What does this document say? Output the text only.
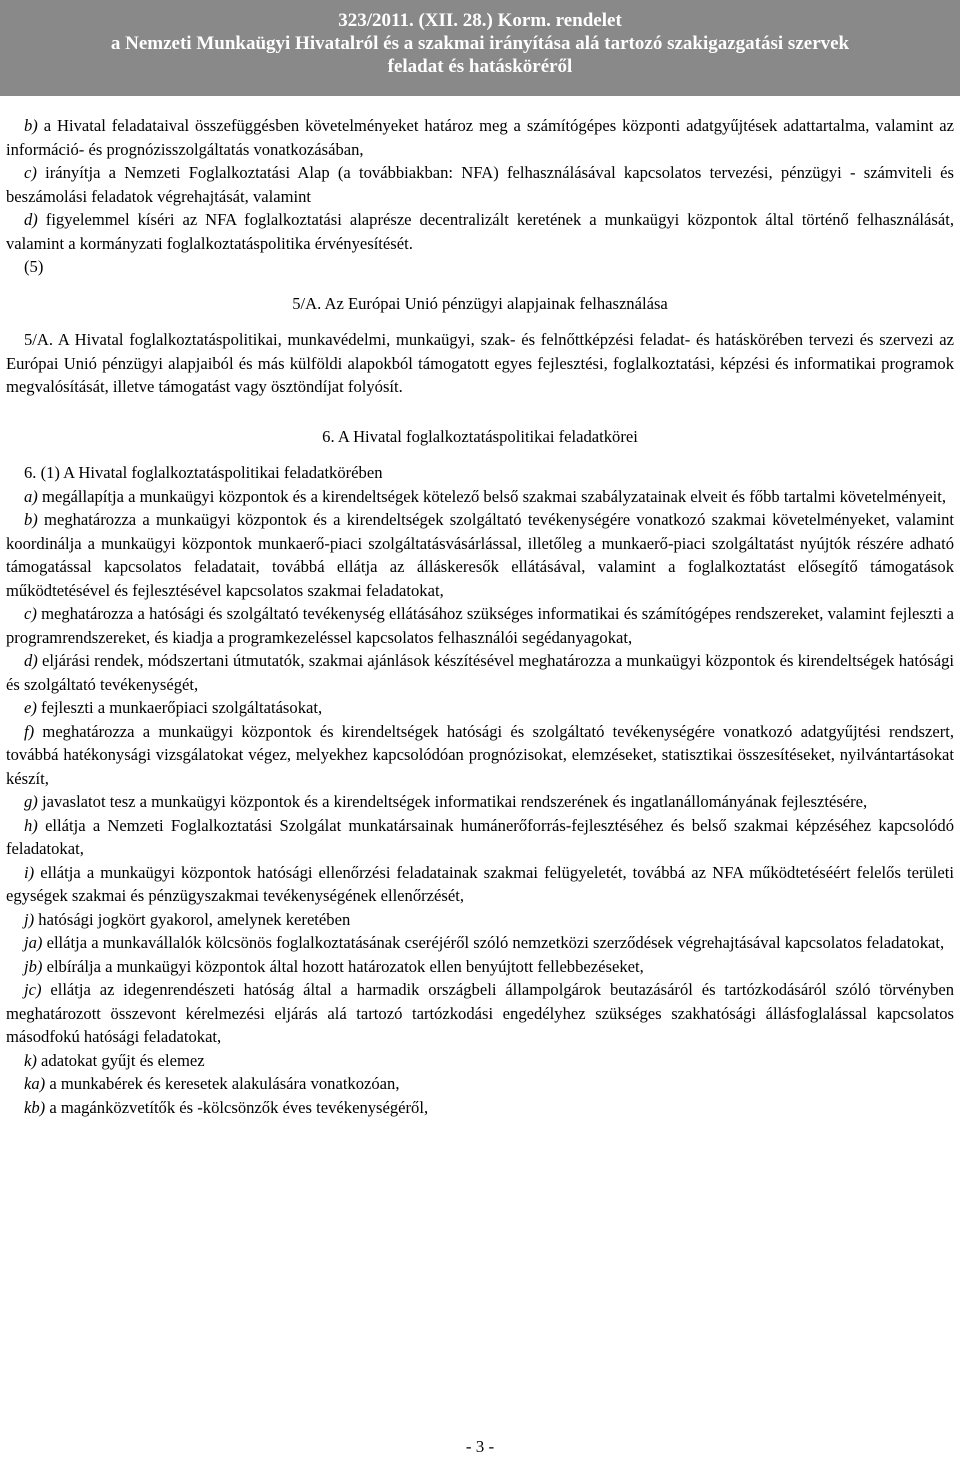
323/2011. (XII. 28.) Korm. rendelet
a Nemzeti Munkaügyi Hivatalról és a szakmai irányítása alá tartozó szakigazgatási szervek
feladat és hatásköréről

b) a Hivatal feladataival összefüggésben követelményeket határoz meg a számítógépes központi adatgyűjtések adattartalma, valamint az információ- és prognózisszolgáltatás vonatkozásában,

c) irányítja a Nemzeti Foglalkoztatási Alap (a továbbiakban: NFA) felhasználásával kapcsolatos tervezési, pénzügyi - számviteli és beszámolási feladatok végrehajtását, valamint

d) figyelemmel kíséri az NFA foglalkoztatási alaprésze decentralizált keretének a munkaügyi központok által történő felhasználását, valamint a kormányzati foglalkoztatáspolitika érvényesítését.

(5)

5/A. Az Európai Unió pénzügyi alapjainak felhasználása

5/A. A Hivatal foglalkoztatáspolitikai, munkavédelmi, munkaügyi, szak- és felnőttképzési feladat- és hatáskörében tervezi és szervezi az Európai Unió pénzügyi alapjaiból és más külföldi alapokból támogatott egyes fejlesztési, foglalkoztatási, képzési és informatikai programok megvalósítását, illetve támogatást vagy ösztöndíjat folyósít.

6. A Hivatal foglalkoztatáspolitikai feladatkörei

6. (1) A Hivatal foglalkoztatáspolitikai feladatkörében

a) megállapítja a munkaügyi központok és a kirendeltségek kötelező belső szakmai szabályzatainak elveit és főbb tartalmi követelményeit,

b) meghatározza a munkaügyi központok és a kirendeltségek szolgáltató tevékenységére vonatkozó szakmai követelményeket, valamint koordinálja a munkaügyi központok munkaerő-piaci szolgáltatásvásárlással, illetőleg a munkaerő-piaci szolgáltatást nyújtók részére adható támogatással kapcsolatos feladatait, továbbá ellátja az álláskeresők ellátásával, valamint a foglalkoztatást elősegítő támogatások működtetésével és fejlesztésével kapcsolatos szakmai feladatokat,

c) meghatározza a hatósági és szolgáltató tevékenység ellátásához szükséges informatikai és számítógépes rendszereket, valamint fejleszti a programrendszereket, és kiadja a programkezeléssel kapcsolatos felhasználói segédanyagokat,

d) eljárási rendek, módszertani útmutatók, szakmai ajánlások készítésével meghatározza a munkaügyi központok és kirendeltségek hatósági és szolgáltató tevékenységét,

e) fejleszti a munkaerőpiaci szolgáltatásokat,

f) meghatározza a munkaügyi központok és kirendeltségek hatósági és szolgáltató tevékenységére vonatkozó adatgyűjtési rendszert, továbbá hatékonysági vizsgálatokat végez, melyekhez kapcsolódóan prognózisokat, elemzéseket, statisztikai összesítéseket, nyilvántartásokat készít,

g) javaslatot tesz a munkaügyi központok és a kirendeltségek informatikai rendszerének és ingatlanállományának fejlesztésére,

h) ellátja a Nemzeti Foglalkoztatási Szolgálat munkatársainak humánerőforrás-fejlesztéséhez és belső szakmai képzéséhez kapcsolódó feladatokat,

i) ellátja a munkaügyi központok hatósági ellenőrzési feladatainak szakmai felügyeletét, továbbá az NFA működtetéséért felelős területi egységek szakmai és pénzügyszakmai tevékenységének ellenőrzését,

j) hatósági jogkört gyakorol, amelynek keretében

ja) ellátja a munkavállalók kölcsönös foglalkoztatásának cseréjéről szóló nemzetközi szerződések végrehajtásával kapcsolatos feladatokat,

jb) elbírálja a munkaügyi központok által hozott határozatok ellen benyújtott fellebbezéseket,

jc) ellátja az idegenrendészeti hatóság által a harmadik országbeli állampolgárok beutazásáról és tartózkodásáról szóló törvényben meghatározott összevont kérelmezési eljárás alá tartozó tartózkodási engedélyhez szükséges szakhatósági állásfoglalással kapcsolatos másodfokú hatósági feladatokat,

k) adatokat gyűjt és elemez

ka) a munkabérek és keresetek alakulására vonatkozóan,

kb) a magánközvetítők és -kölcsönzők éves tevékenységéről,

- 3 -
